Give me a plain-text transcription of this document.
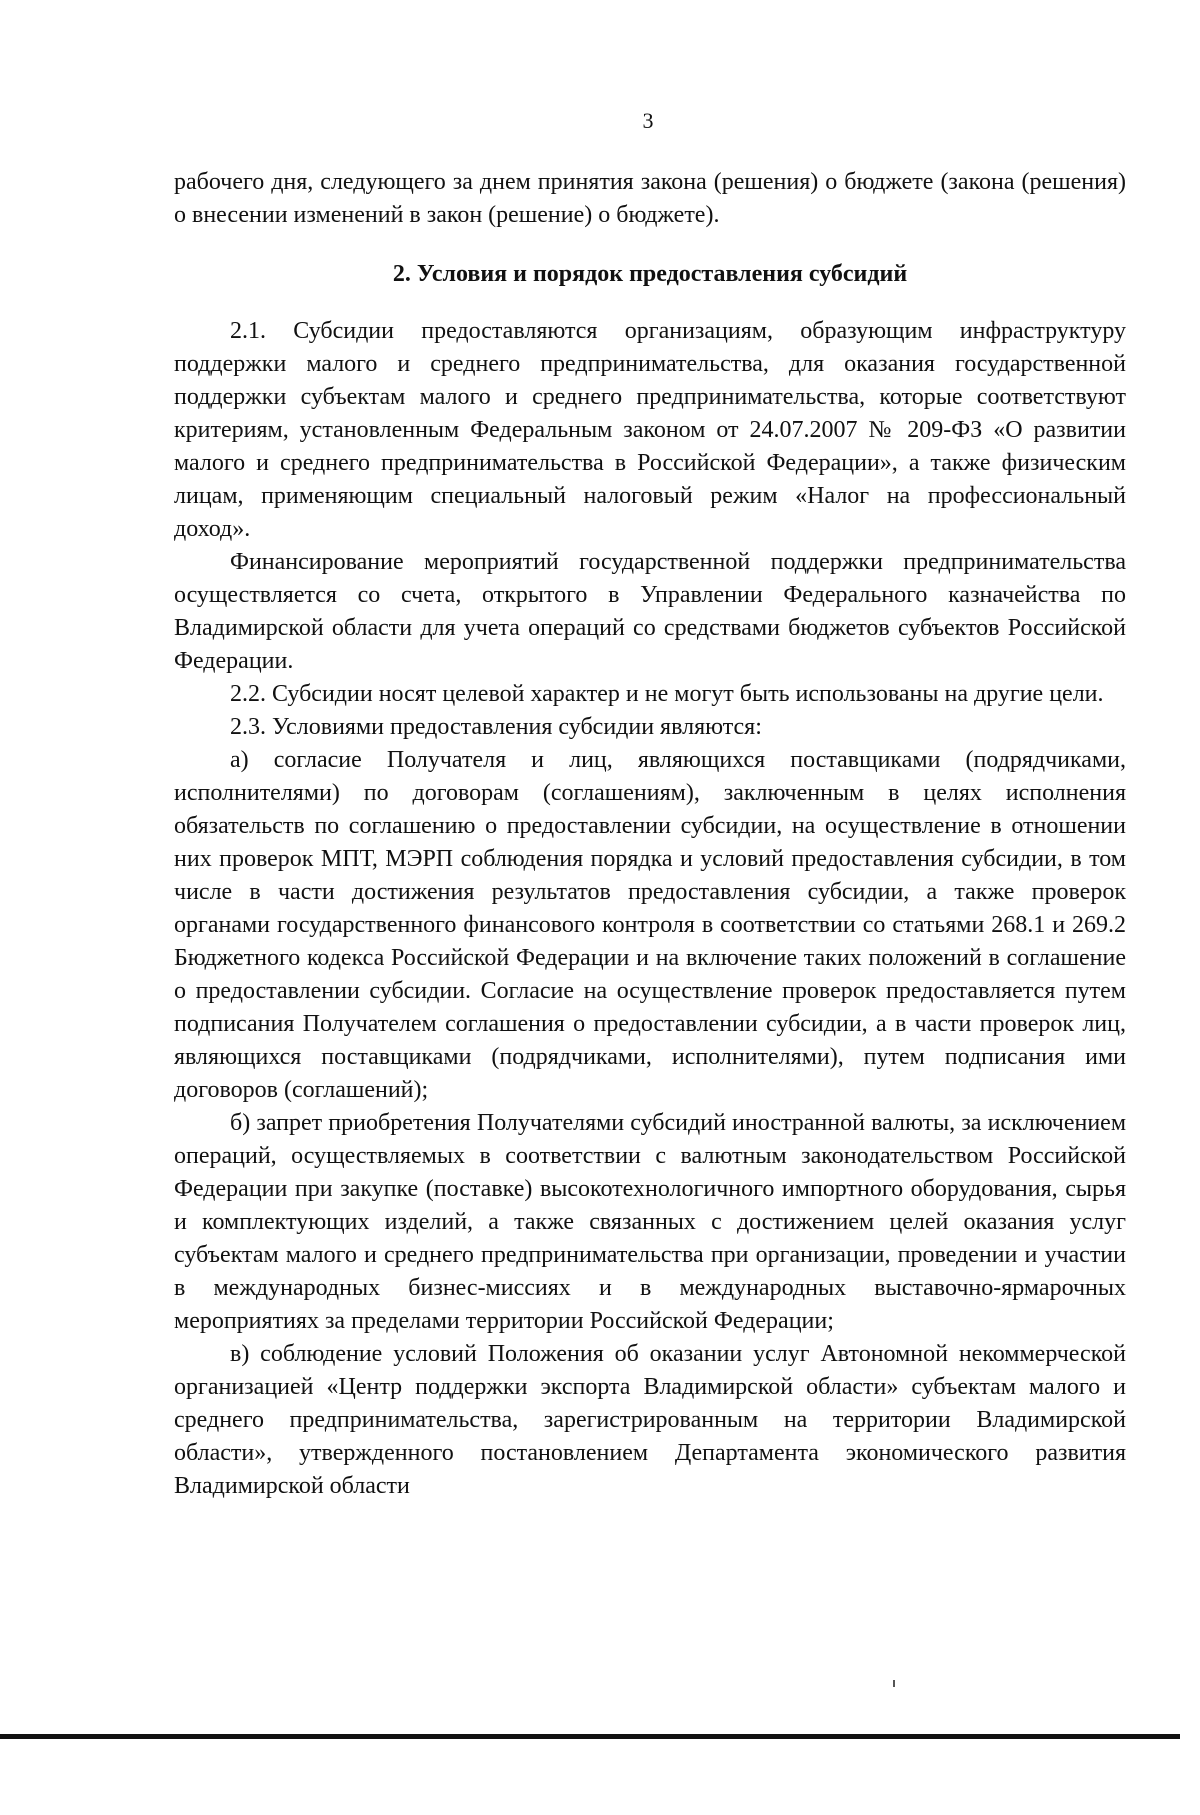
3

рабочего дня, следующего за днем принятия закона (решения) о бюджете (закона (решения) о внесении изменений в закон (решение) о бюджете).

2. Условия и порядок предоставления субсидий

2.1. Субсидии предоставляются организациям, образующим инфраструктуру поддержки малого и среднего предпринимательства, для оказания государственной поддержки субъектам малого и среднего предпринимательства, которые соответствуют критериям, установленным Федеральным законом от 24.07.2007 № 209-ФЗ «О развитии малого и среднего предпринимательства в Российской Федерации», а также физическим лицам, применяющим специальный налоговый режим «Налог на профессиональный доход».

Финансирование мероприятий государственной поддержки предпринимательства осуществляется со счета, открытого в Управлении Федерального казначейства по Владимирской области для учета операций со средствами бюджетов субъектов Российской Федерации.

2.2. Субсидии носят целевой характер и не могут быть использованы на другие цели.

2.3. Условиями предоставления субсидии являются:

а) согласие Получателя и лиц, являющихся поставщиками (подрядчиками, исполнителями) по договорам (соглашениям), заключенным в целях исполнения обязательств по соглашению о предоставлении субсидии, на осуществление в отношении них проверок МПТ, МЭРП соблюдения порядка и условий предоставления субсидии, в том числе в части достижения результатов предоставления субсидии, а также проверок органами государственного финансового контроля в соответствии со статьями 268.1 и 269.2 Бюджетного кодекса Российской Федерации и на включение таких положений в соглашение о предоставлении субсидии. Согласие на осуществление проверок предоставляется путем подписания Получателем соглашения о предоставлении субсидии, а в части проверок лиц, являющихся поставщиками (подрядчиками, исполнителями), путем подписания ими договоров (соглашений);

б) запрет приобретения Получателями субсидий иностранной валюты, за исключением операций, осуществляемых в соответствии с валютным законодательством Российской Федерации при закупке (поставке) высокотехнологичного импортного оборудования, сырья и комплектующих изделий, а также связанных с достижением целей оказания услуг субъектам малого и среднего предпринимательства при организации, проведении и участии в международных бизнес-миссиях и в международных выставочно-ярмарочных мероприятиях за пределами территории Российской Федерации;

в) соблюдение условий Положения об оказании услуг Автономной некоммерческой организацией «Центр поддержки экспорта Владимирской области» субъектам малого и среднего предпринимательства, зарегистрированным на территории Владимирской области», утвержденного постановлением Департамента экономического развития Владимирской области
